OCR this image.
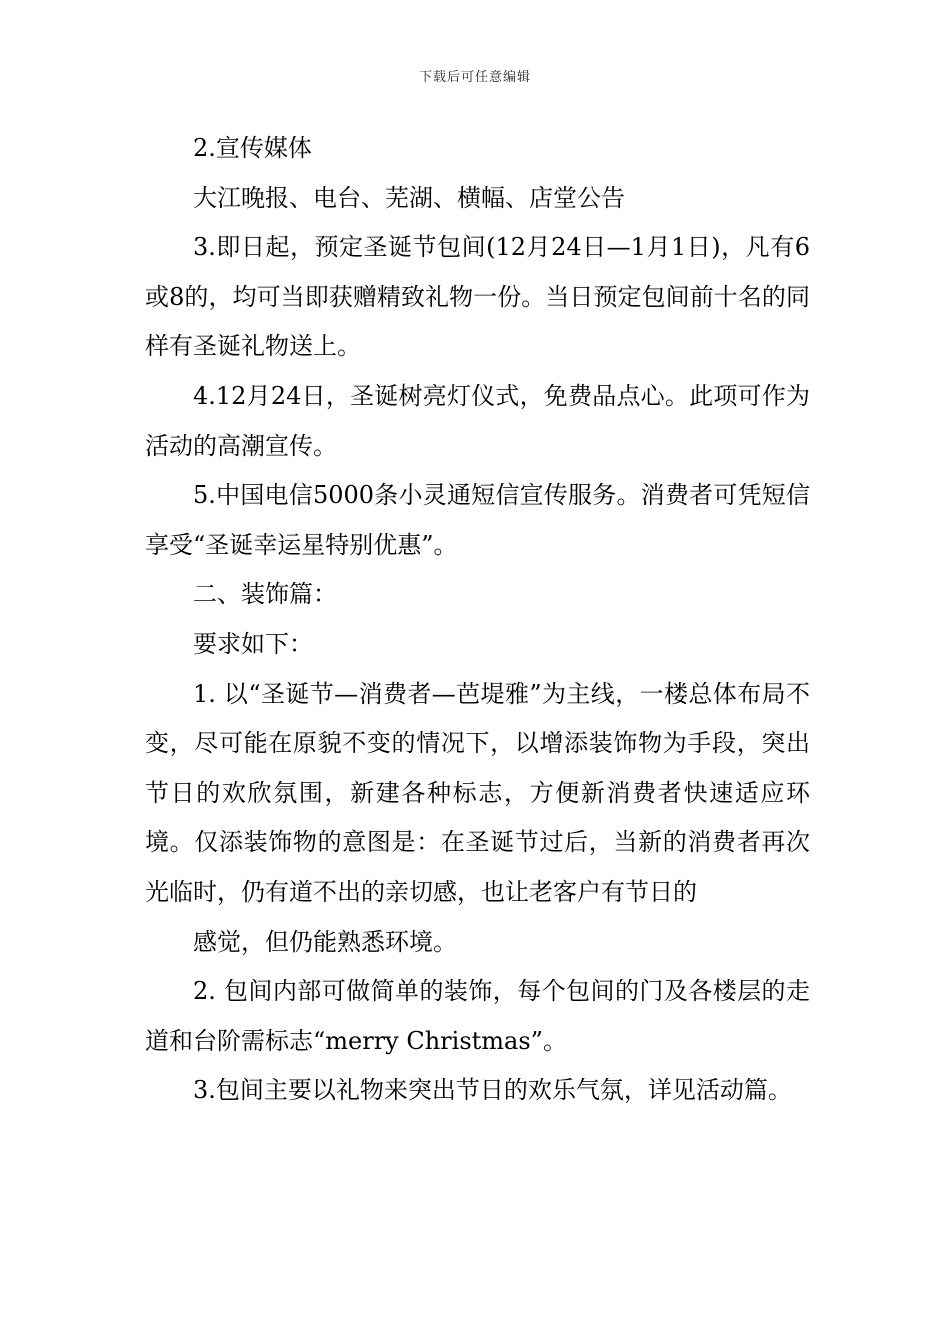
下载后可任意编辑

2.宣传媒体

大江晚报、电台、芜湖、横幅、店堂公告

3.即日起，预定圣诞节包间(12月24日—1月1日)，凡有6或8的，均可当即获赠精致礼物一份。当日预定包间前十名的同样有圣诞礼物送上。

4.12月24日，圣诞树亮灯仪式，免费品点心。此项可作为活动的高潮宣传。

5.中国电信5000条小灵通短信宣传服务。消费者可凭短信享受“圣诞幸运星特别优惠”。

二、装饰篇：

要求如下：

1. 以“圣诞节—消费者—芭堤雅”为主线，一楼总体布局不变，尽可能在原貌不变的情况下，以增添装饰物为手段，突出节日的欢欣氛围，新建各种标志，方便新消费者快速适应环境。仅添装饰物的意图是：在圣诞节过后，当新的消费者再次光临时，仍有道不出的亲切感，也让老客户有节日的

感觉，但仍能熟悉环境。

2. 包间内部可做简单的装饰，每个包间的门及各楼层的走道和台阶需标志“merry Christmas”。

3.包间主要以礼物来突出节日的欢乐气氛，详见活动篇。
